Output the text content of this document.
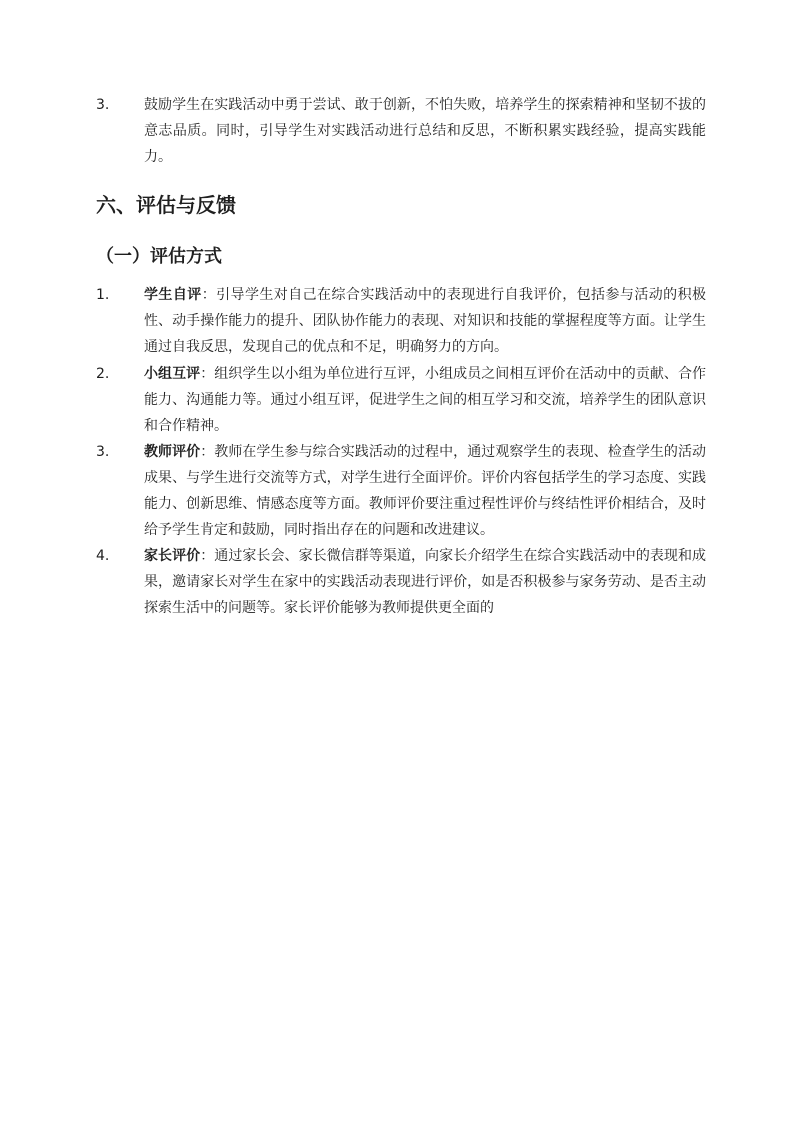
3.	鼓励学生在实践活动中勇于尝试、敢于创新，不怕失败，培养学生的探索精神和坚韧不拔的意志品质。同时，引导学生对实践活动进行总结和反思，不断积累实践经验，提高实践能力。
六、评估与反馈
（一）评估方式
1.	学生自评：引导学生对自己在综合实践活动中的表现进行自我评价，包括参与活动的积极性、动手操作能力的提升、团队协作能力的表现、对知识和技能的掌握程度等方面。让学生通过自我反思，发现自己的优点和不足，明确努力的方向。
2.	小组互评：组织学生以小组为单位进行互评，小组成员之间相互评价在活动中的贡献、合作能力、沟通能力等。通过小组互评，促进学生之间的相互学习和交流，培养学生的团队意识和合作精神。
3.	教师评价：教师在学生参与综合实践活动的过程中，通过观察学生的表现、检查学生的活动成果、与学生进行交流等方式，对学生进行全面评价。评价内容包括学生的学习态度、实践能力、创新思维、情感态度等方面。教师评价要注重过程性评价与终结性评价相结合，及时给予学生肯定和鼓励，同时指出存在的问题和改进建议。
4.	家长评价：通过家长会、家长微信群等渠道，向家长介绍学生在综合实践活动中的表现和成果，邀请家长对学生在家中的实践活动表现进行评价，如是否积极参与家务劳动、是否主动探索生活中的问题等。家长评价能够为教师提供更全面的
